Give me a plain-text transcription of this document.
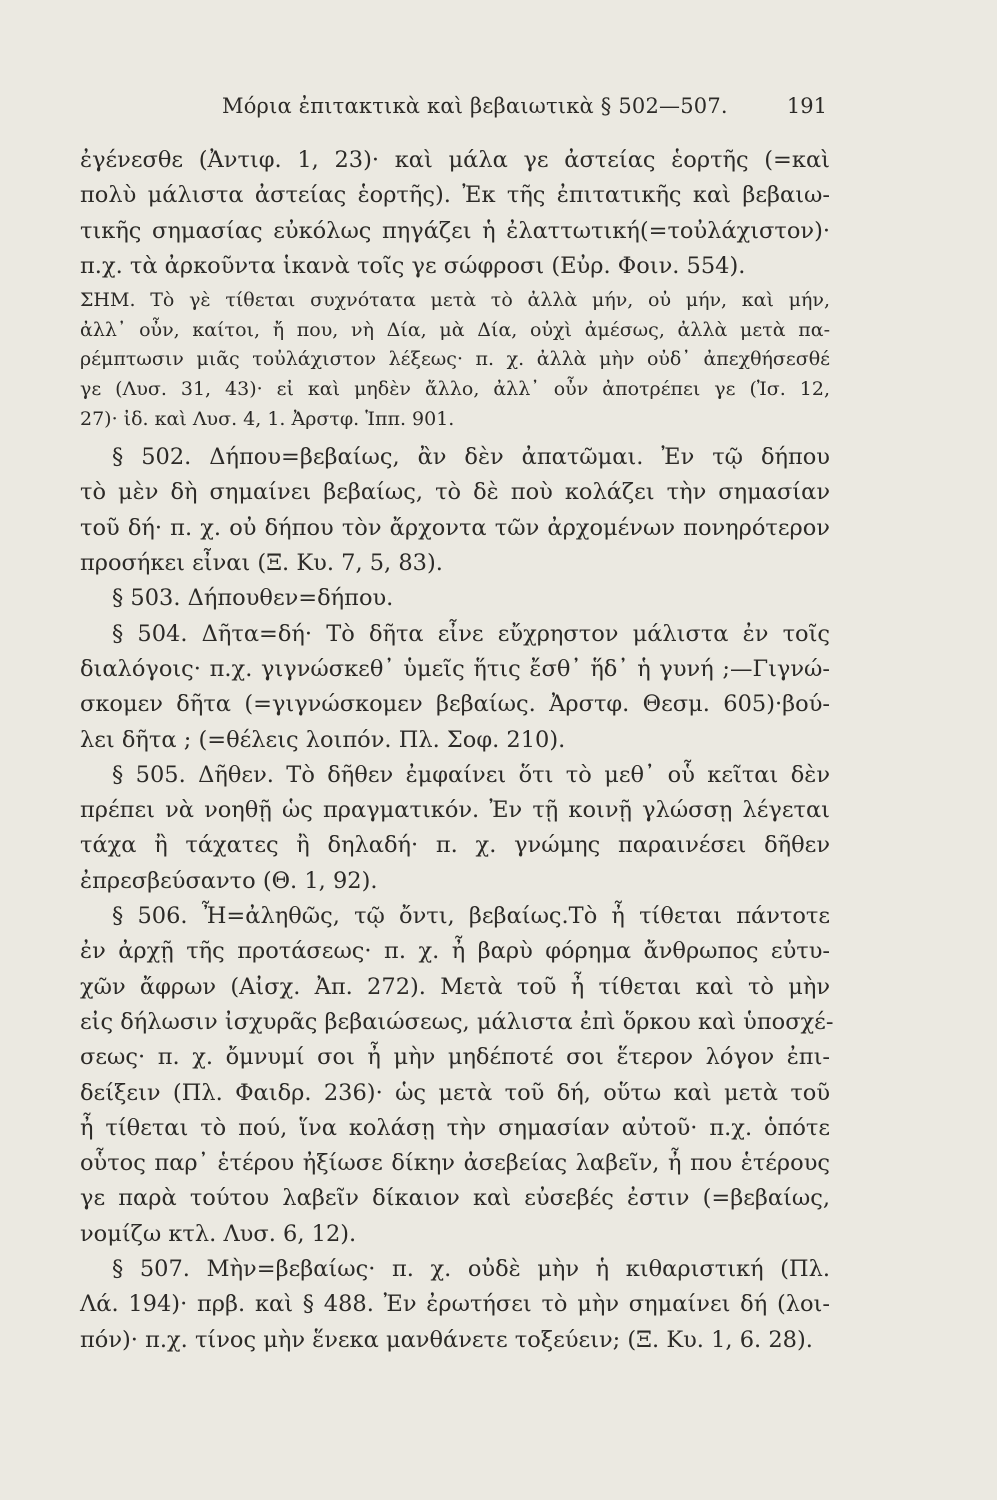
Μόρια ἐπιτακτικὰ καὶ βεβαιωτικὰ § 502—507.	191
ἐγένεσθε (Ἀντιφ. 1, 23)· καὶ μάλα γε ἀστείας ἑορτῆς (=καὶ
πολὺ μάλιστα ἀστείας ἑορτῆς). Ἐκ τῆς ἐπιτατικῆς καὶ βεβαιω-
τικῆς σημασίας εὐκόλως πηγάζει ἡ ἐλαττωτική(=τοὐλάχιστον)·
π.χ. τὰ ἀρκοῦντα ἱκανὰ τοῖς γε σώφροσι (Εὐρ. Φοιν. 554).
ΣΗΜ. Τὸ γὲ τίθεται συχνότατα μετὰ τὸ ἀλλὰ μήν, οὐ μήν, καὶ μήν,
ἀλλ᾽ οὖν, καίτοι, ἤ που, νὴ Δία, μὰ Δία, οὐχὶ ἀμέσως, ἀλλὰ μετὰ πα-
ρέμπτωσιν μιᾶς τοὐλάχιστον λέξεως· π. χ. ἀλλὰ μὴν οὐδ᾽ ἀπεχθήσεσθέ
γε (Λυσ. 31, 43)· εἰ καὶ μηδὲν ἄλλο, ἀλλ᾽ οὖν ἀποτρέπει γε (Ἰσ. 12,
27)· ἰδ. καὶ Λυσ. 4, 1. Ἀρστφ. Ἱππ. 901.
§ 502. Δήπου=βεβαίως, ἂν δὲν ἀπατῶμαι. Ἐν τῷ δήπου
τὸ μὲν δὴ σημαίνει βεβαίως, τὸ δὲ ποὺ κολάζει τὴν σημασίαν
τοῦ δή· π. χ. οὐ δήπου τὸν ἄρχοντα τῶν ἀρχομένων πονηρότερον
προσήκει εἶναι (Ξ. Κυ. 7, 5, 83).
§ 503. Δήπουθεν=δήπου.
§ 504. Δῆτα=δή· Τὸ δῆτα εἶνε εὔχρηστον μάλιστα ἐν τοῖς
διαλόγοις· π.χ. γιγνώσκεθ᾽ ὑμεῖς ἥτις ἔσθ᾽ ἥδ᾽ ἡ γυνή ;—Γιγνώ-
σκομεν δῆτα (=γιγνώσκομεν βεβαίως. Ἀρστφ. Θεσμ. 605)·βού-
λει δῆτα ; (=θέλεις λοιπόν. Πλ. Σοφ. 210).
§ 505. Δῆθεν. Τὸ δῆθεν ἐμφαίνει ὅτι τὸ μεθ᾽ οὗ κεῖται δὲν
πρέπει νὰ νοηθῇ ὡς πραγματικόν. Ἐν τῇ κοινῇ γλώσσῃ λέγεται
τάχα ἢ τάχατες ἢ δηλαδή· π. χ. γνώμης παραινέσει δῆθεν
ἐπρεσβεύσαντο (Θ. 1, 92).
§ 506. Ἦ=ἀληθῶς, τῷ ὄντι, βεβαίως.Τὸ ἦ τίθεται πάντοτε
ἐν ἀρχῇ τῆς προτάσεως· π. χ. ἦ βαρὺ φόρημα ἄνθρωπος εὐτυ-
χῶν ἄφρων (Αἰσχ. Ἀπ. 272). Μετὰ τοῦ ἦ τίθεται καὶ τὸ μὴν
εἰς δήλωσιν ἰσχυρᾶς βεβαιώσεως, μάλιστα ἐπὶ ὅρκου καὶ ὑποσχέ-
σεως· π. χ. ὄμνυμί σοι ἦ μὴν μηδέποτέ σοι ἕτερον λόγον ἐπι-
δείξειν (Πλ. Φαιδρ. 236)· ὡς μετὰ τοῦ δή, οὕτω καὶ μετὰ τοῦ
ἦ τίθεται τὸ πού, ἵνα κολάσῃ τὴν σημασίαν αὐτοῦ· π.χ. ὁπότε
οὗτος παρ᾽ ἑτέρου ἠξίωσε δίκην ἀσεβείας λαβεῖν, ἦ που ἑτέρους
γε παρὰ τούτου λαβεῖν δίκαιον καὶ εὐσεβές ἐστιν (=βεβαίως,
νομίζω κτλ. Λυσ. 6, 12).
§ 507. Μὴν=βεβαίως· π. χ. οὐδὲ μὴν ἡ κιθαριστική (Πλ.
Λά. 194)· πρβ. καὶ § 488. Ἐν ἐρωτήσει τὸ μὴν σημαίνει δή (λοι-
πόν)· π.χ. τίνος μὴν ἕνεκα μανθάνετε τοξεύειν; (Ξ. Κυ. 1, 6. 28).
